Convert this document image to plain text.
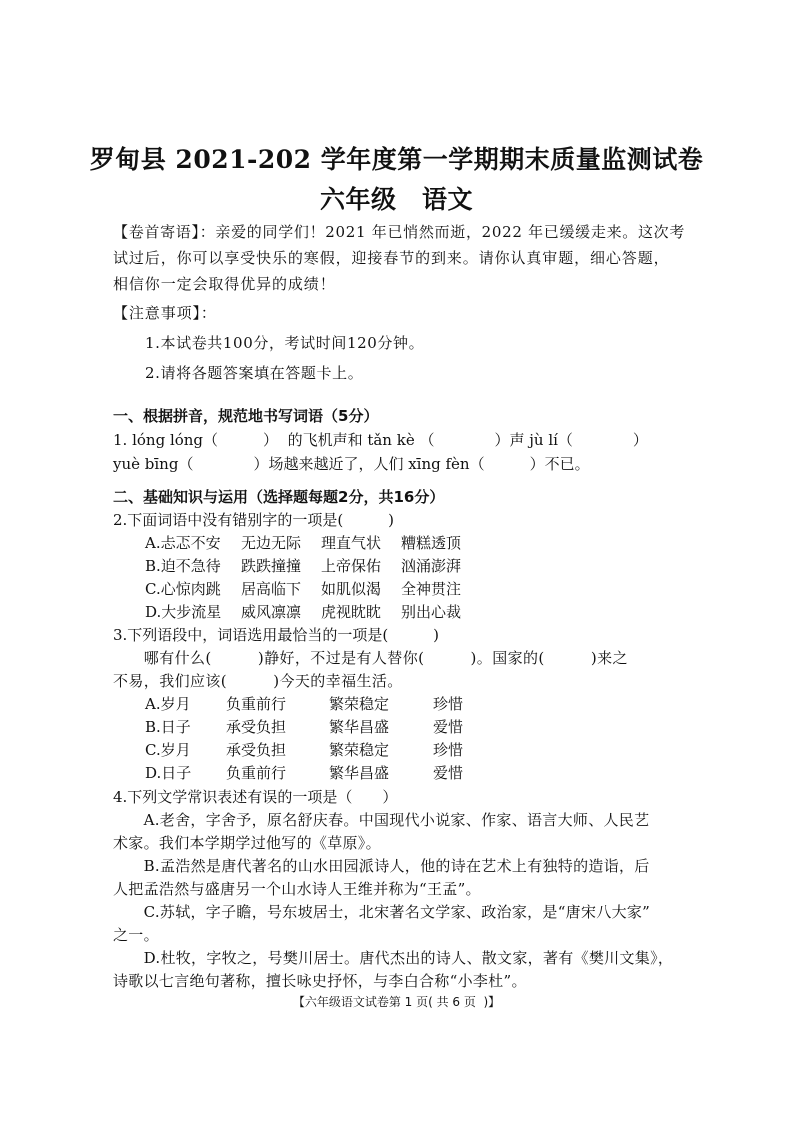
罗甸县 2021-202 学年度第一学期期末质量监测试卷
六年级　语文
【卷首寄语】：亲爱的同学们！2021 年已悄然而逝，2022 年已缓缓走来。这次考
试过后，你可以享受快乐的寒假，迎接春节的到来。请你认真审题，细心答题，
相信你一定会取得优异的成绩！
【注意事项】：
1.本试卷共100分，考试时间120分钟。
2.请将各题答案填在答题卡上。
一、根据拼音，规范地书写词语（5分）
1. lóng lóng（　　　）  的飞机声和 tǎn kè （　　　　）声 jù lí（　　　　）
yuè bīng（　　　　）场越来越近了，人们 xīng fèn（　　　）不已。
二、基础知识与运用（选择题每题2分，共16分）
2.下面词语中没有错别字的一项是(　　　)
A.忐忑不安 无边无际 理直气状 糟糕透顶
B.迫不急待 跌跌撞撞 上帝保佑 汹涌澎湃
C.心惊肉跳 居高临下 如肌似渴 全神贯注
D.大步流星 威风凛凛 虎视眈眈 别出心裁
3.下列语段中，词语选用最恰当的一项是(　　　)
　　哪有什么(　　　)静好，不过是有人替你(　　　)。国家的(　　　)来之
不易，我们应该(　　　)今天的幸福生活。
A.岁月 负重前行	繁荣稳定	珍惜
B.日子 承受负担	繁华昌盛	爱惜
C.岁月 承受负担	繁荣稳定	珍惜
D.日子 负重前行	繁华昌盛	爱惜
4.下列文学常识表述有误的一项是（　　）
　　A.老舍，字舍予，原名舒庆春。中国现代小说家、作家、语言大师、人民艺
术家。我们本学期学过他写的《草原》。
　　B.孟浩然是唐代著名的山水田园派诗人，他的诗在艺术上有独特的造诣，后
人把孟浩然与盛唐另一个山水诗人王维并称为“王孟”。
　　C.苏轼，字子瞻，号东坡居士，北宋著名文学家、政治家，是“唐宋八大家”
之一。
　　D.杜牧，字牧之，号樊川居士。唐代杰出的诗人、散文家，著有《樊川文集》，
诗歌以七言绝句著称，擅长咏史抒怀，与李白合称“小李杜”。
【六年级语文试卷第 1 页( 共 6 页  )】
